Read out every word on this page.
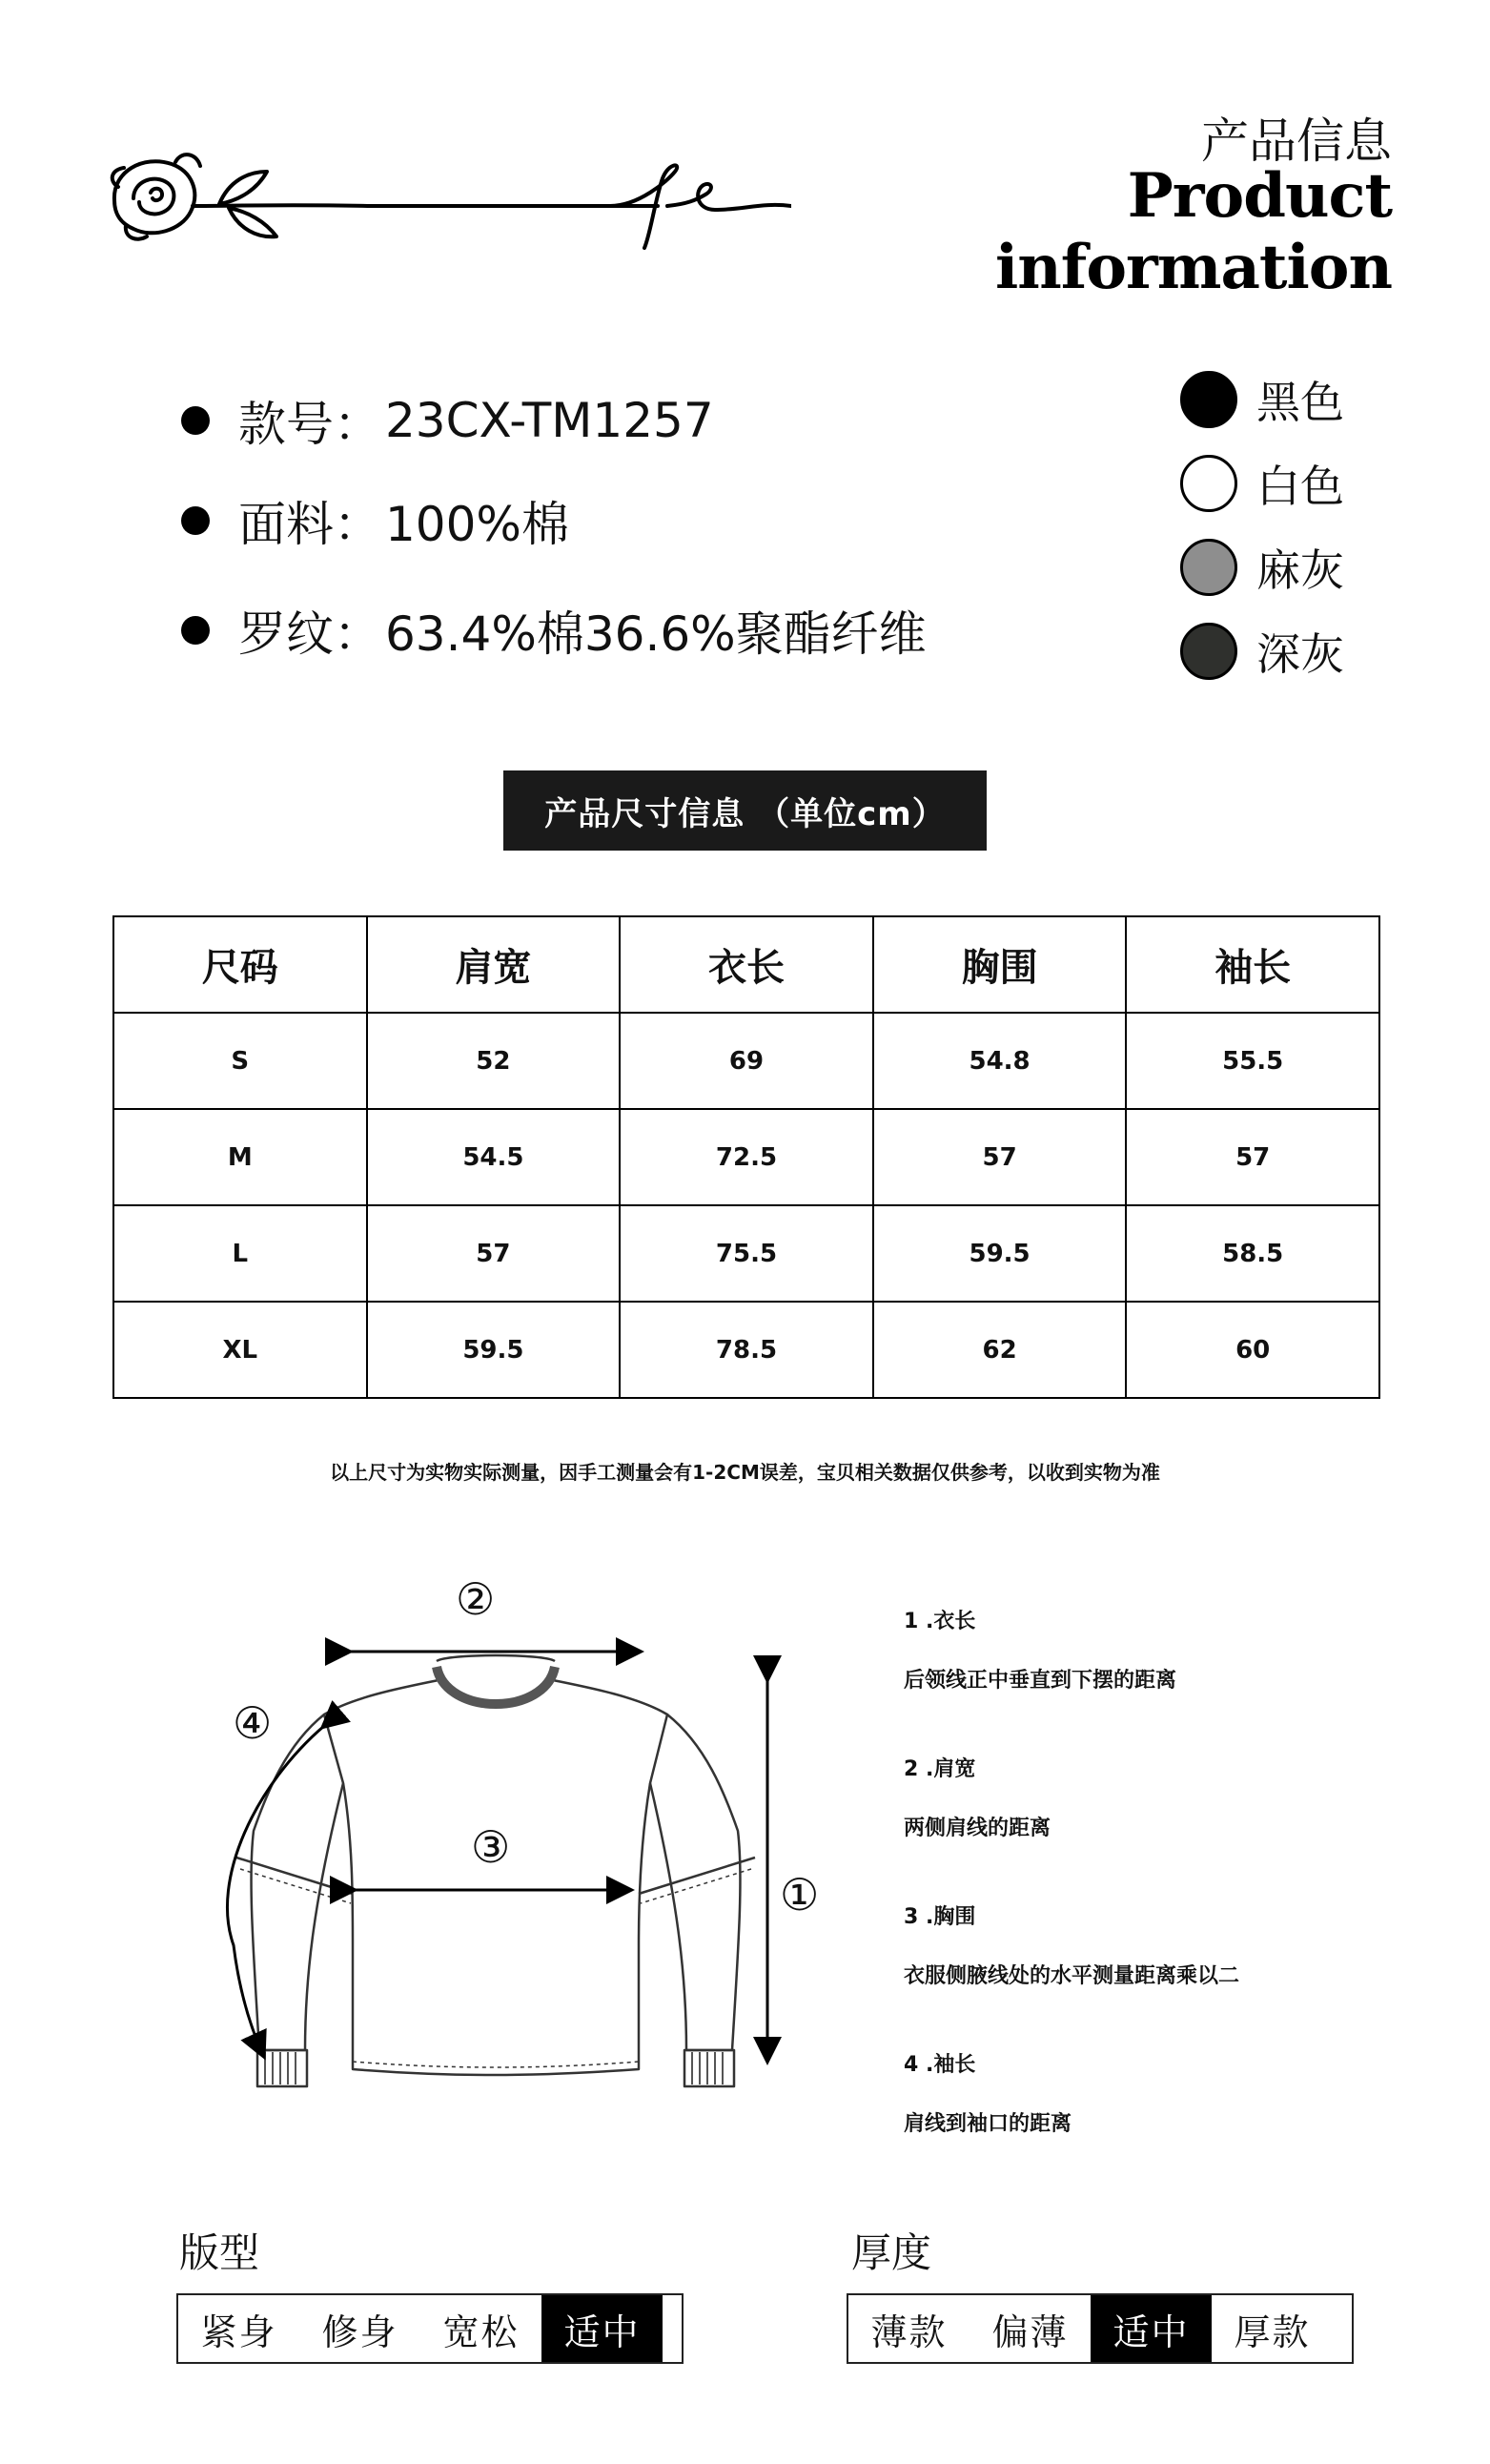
产品信息
Product information
款号： 23CX-TM1257
面料： 100%棉
罗纹： 63.4%棉36.6%聚酯纤维
黑色
白色
麻灰
深灰
产品尺寸信息 （单位cm）
尺码	肩宽	衣长	胸围	袖长
S	52	69	54.8	55.5
M	54.5	72.5	57	57
L	57	75.5	59.5	58.5
XL	59.5	78.5	62	60
以上尺寸为实物实际测量，因手工测量会有1-2CM误差，宝贝相关数据仅供参考，以收到实物为准
②
④
③
①
1 .衣长
后领线正中垂直到下摆的距离
2 .肩宽
两侧肩线的距离
3 .胸围
衣服侧腋线处的水平测量距离乘以二
4 .袖长
肩线到袖口的距离
版型
紧身	修身	宽松	适中
厚度
薄款	偏薄	适中	厚款
